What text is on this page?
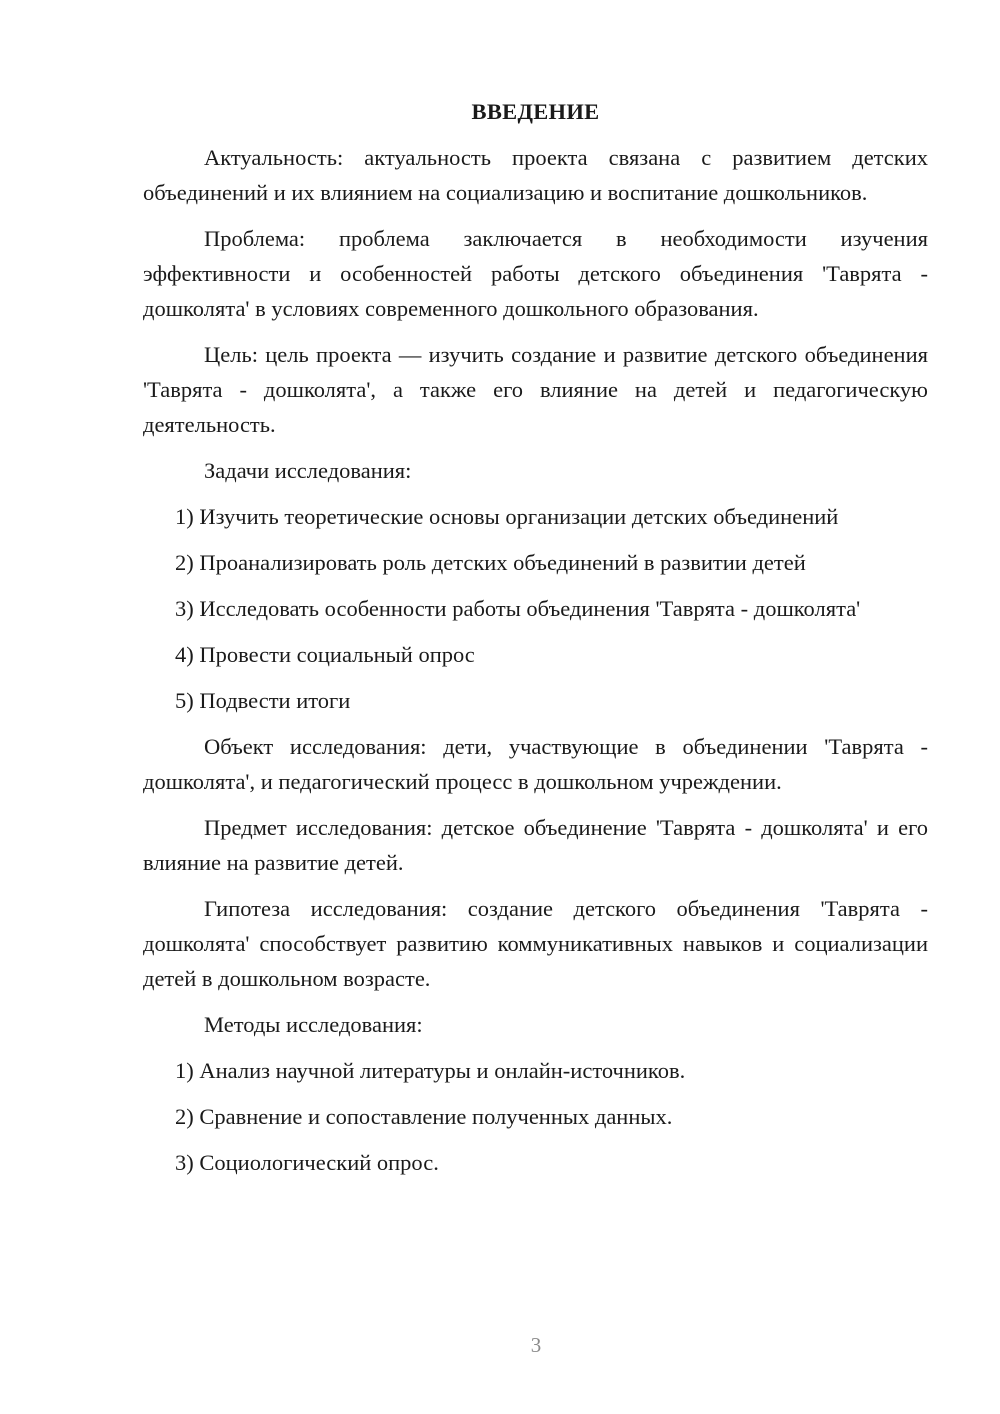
ВВЕДЕНИЕ
Актуальность: актуальность проекта связана с развитием детских объединений и их влиянием на социализацию и воспитание дошкольников.
Проблема: проблема заключается в необходимости изучения эффективности и особенностей работы детского объединения 'Таврята - дошколята' в условиях современного дошкольного образования.
Цель: цель проекта — изучить создание и развитие детского объединения 'Таврята - дошколята', а также его влияние на детей и педагогическую деятельность.
Задачи исследования:
1) Изучить теоретические основы организации детских объединений
2) Проанализировать роль детских объединений в развитии детей
3) Исследовать особенности работы объединения 'Таврята - дошколята'
4) Провести социальный опрос
5) Подвести итоги
Объект исследования: дети, участвующие в объединении 'Таврята - дошколята', и педагогический процесс в дошкольном учреждении.
Предмет исследования: детское объединение 'Таврята - дошколята' и его влияние на развитие детей.
Гипотеза исследования: создание детского объединения 'Таврята - дошколята' способствует развитию коммуникативных навыков и социализации детей в дошкольном возрасте.
Методы исследования:
1) Анализ научной литературы и онлайн-источников.
2) Сравнение и сопоставление полученных данных.
3) Социологический опрос.
3
